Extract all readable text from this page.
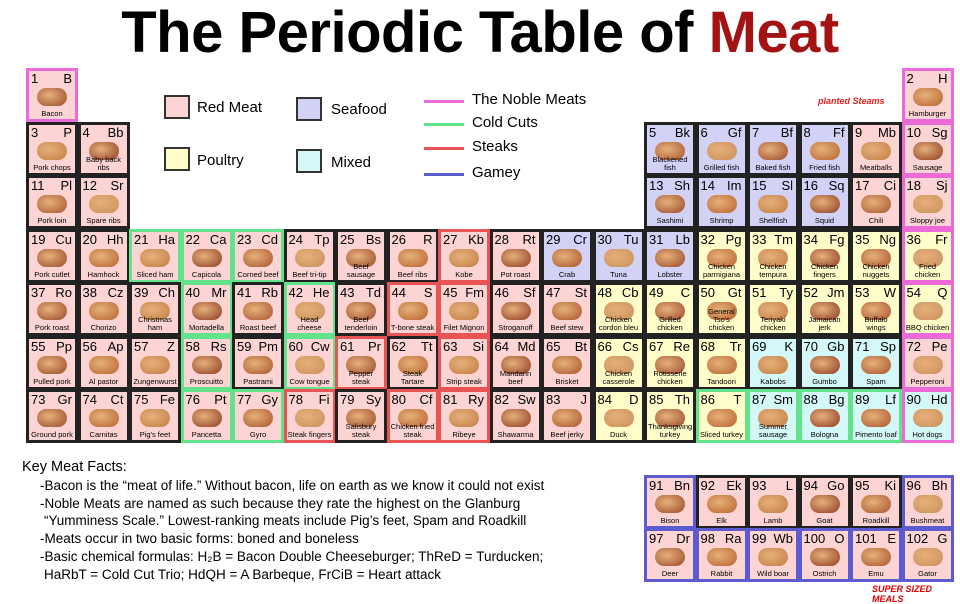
The Periodic Table of Meat
Red Meat
Poultry
Seafood
Mixed
The Noble Meats
Cold Cuts
Steaks
Gamey
planted Steams
SUPER SIZED MEALS
1 B
Bacon
2 H
Hamburger
3 P
Pork chops
4 Bb
Baby back ribs
5 Bk
Blackened fish
6 Gf
Grilled fish
7 Bf
Baked fish
8 Ff
Fried fish
9 Mb
Meatballs
10 Sg
Sausage
11 Pl
Pork loin
12 Sr
Spare ribs
13 Sh
Sashimi
14 Im
Shrimp
15 Sl
Shellfish
16 Sq
Squid
17 Ci
Chili
18 Sj
Sloppy joe
19 Cu
Pork cutlet
20 Hh
Hamhock
21 Ha
Sliced ham
22 Ca
Capicola
23 Cd
Corned beef
24 Tp
Beef tri-tip
25 Bs
Beef sausage
26 R
Beef ribs
27 Kb
Kobe
28 Rt
Pot roast
29 Cr
Crab
30 Tu
Tuna
31 Lb
Lobster
32 Pg
Chicken parmigiana
33 Tm
Chicken tempura
34 Fg
Chicken fingers
35 Ng
Chicken nuggets
36 Fr
Fried chicken
37 Ro
Pork roast
38 Cz
Chorizo
39 Ch
Christmas ham
40 Mr
Mortadella
41 Rb
Roast beef
42 He
Head cheese
43 Td
Beef tenderloin
44 S
T-bone steak
45 Fm
Filet Mignon
46 Sf
Stroganoff
47 St
Beef stew
48 Cb
Chicken cordon bleu
49 C
Grilled chicken
50 Gt
General Tso's chicken
51 Ty
Teriyaki chicken
52 Jm
Jamaican jerk
53 W
Buffalo wings
54 Q
BBQ chicken
55 Pp
Pulled pork
56 Ap
Al pastor
57 Z
Zungenwurst
58 Rs
Proscuitto
59 Pm
Pastrami
60 Cw
Cow tongue
61 Pr
Pepper steak
62 Tt
Steak Tartare
63 Si
Strip steak
64 Md
Mandarin beef
65 Bt
Brisket
66 Cs
Chicken casserole
67 Re
Rotisserie chicken
68 Tr
Tandoori
69 K
Kabobs
70 Gb
Gumbo
71 Sp
Spam
72 Pe
Pepperoni
73 Gr
Ground pork
74 Ct
Carnitas
75 Fe
Pig's feet
76 Pt
Pancetta
77 Gy
Gyro
78 Fi
Steak fingers
79 Sy
Salisbury steak
80 Cf
Chicken fried steak
81 Ry
Ribeye
82 Sw
Shawarma
83 J
Beef jerky
84 D
Duck
85 Th
Thanksgiving turkey
86 T
Sliced turkey
87 Sm
Summer sausage
88 Bg
Bologna
89 Lf
Pimento loaf
90 Hd
Hot dogs
91 Bn
Bison
92 Ek
Elk
93 L
Lamb
94 Go
Goat
95 Ki
Roadkill
96 Bh
Bushmeat
97 Dr
Deer
98 Ra
Rabbit
99 Wb
Wild boar
100 O
Ostrich
101 E
Emu
102 G
Gator
Key Meat Facts:
-Bacon is the “meat of life.” Without bacon, life on earth as we know it could not exist
-Noble Meats are named as such because they rate the highest on the Glanburg
“Yumminess Scale.” Lowest-ranking meats include Pig’s feet, Spam and Roadkill
-Meats occur in two basic forms: boned and boneless
-Basic chemical formulas: H₂B = Bacon Double Cheeseburger; ThReD = Turducken;
HaRbT = Cold Cut Trio; HdQH = A Barbeque, FrCiB = Heart attack
